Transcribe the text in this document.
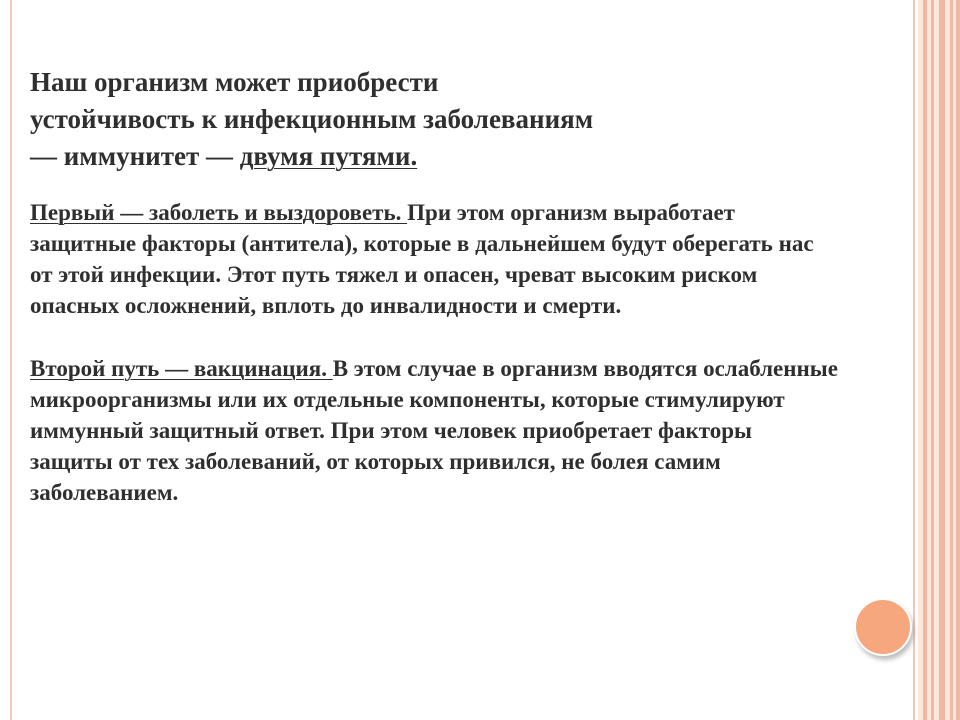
Наш организм может приобрести
устойчивость к инфекционным заболеваниям
— иммунитет — двумя путями.
Первый — заболеть и выздороветь. При этом организм выработает защитные факторы (антитела), которые в дальнейшем будут оберегать нас от этой инфекции. Этот путь тяжел и опасен, чреват высоким риском опасных осложнений, вплоть до инвалидности и смерти.
Второй путь — вакцинация. В этом случае в организм вводятся ослабленные микроорганизмы или их отдельные компоненты, которые стимулируют иммунный защитный ответ. При этом человек приобретает факторы защиты от тех заболеваний, от которых привился, не болея самим заболеванием.
